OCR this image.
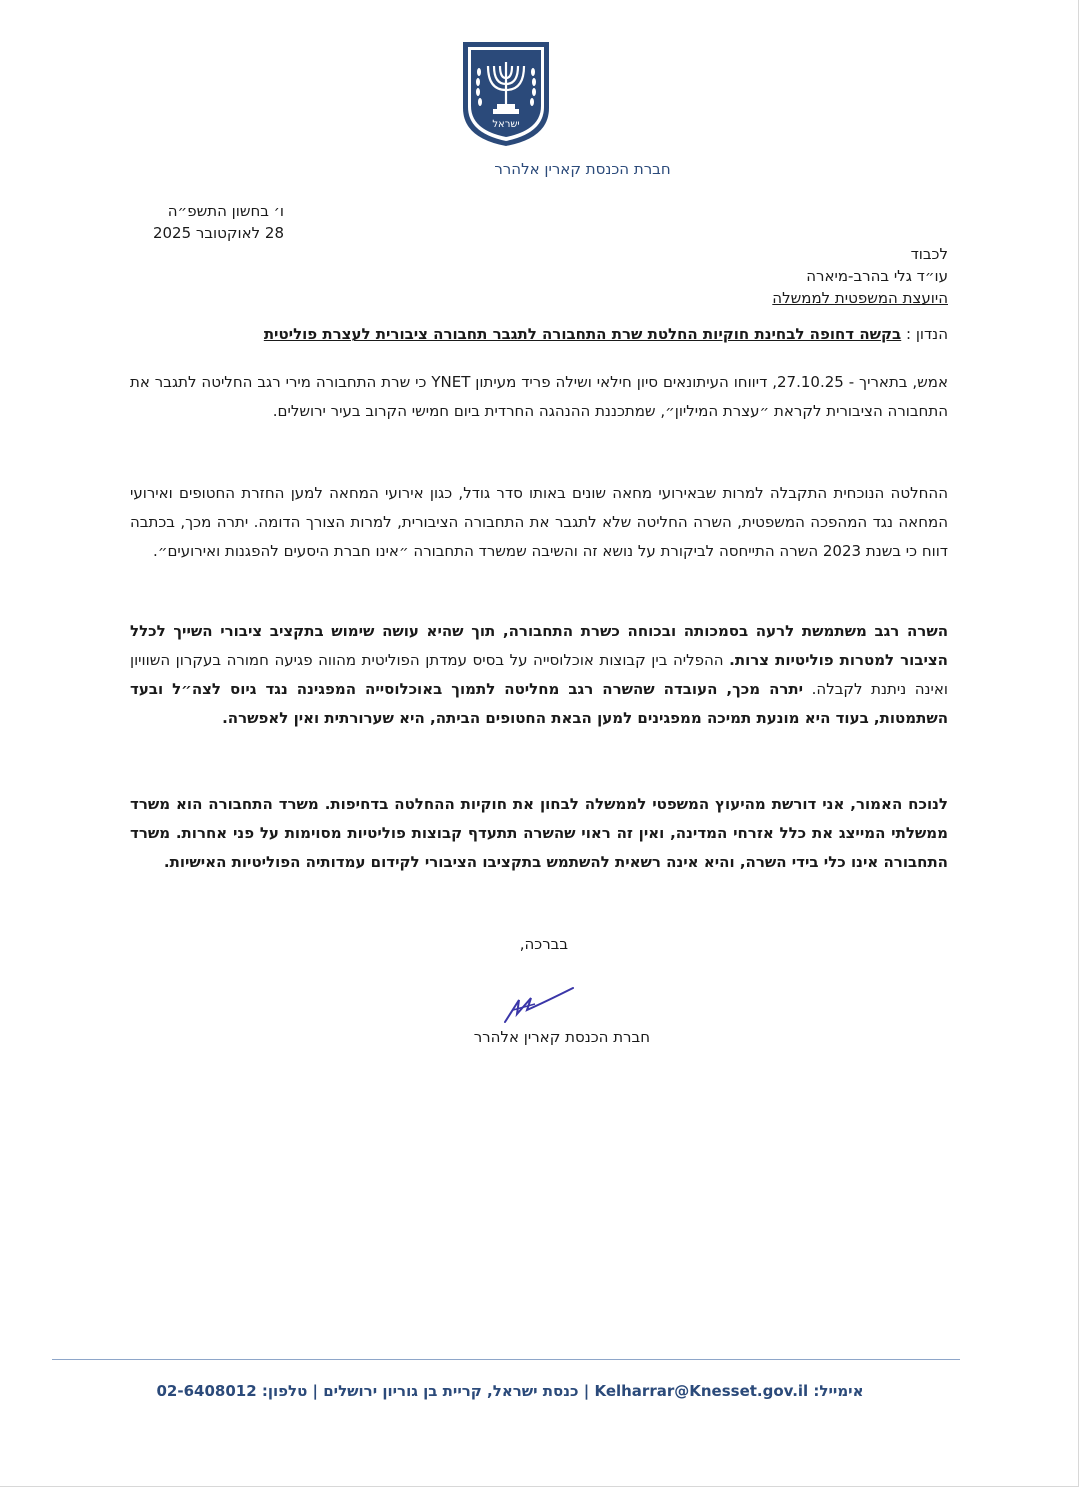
ישראל
חברת הכנסת קארין אלהרר
ו׳ בחשון התשפ״ה
28 לאוקטובר 2025
לכבוד
עו״ד גלי בהרב-מיארה
היועצת המשפטית לממשלה
הנדון : בקשה דחופה לבחינת חוקיות החלטת שרת התחבורה לתגבר תחבורה ציבורית לעצרת פוליטית
אמש, בתאריך - 27.10.25, דיווחו העיתונאים סיון חילאי ושילה פריד מעיתון YNET כי שרת התחבורה מירי רגב החליטה לתגבר את התחבורה הציבורית לקראת ״עצרת המיליון״, שמתכננת ההנהגה החרדית ביום חמישי הקרוב בעיר ירושלים.
ההחלטה הנוכחית התקבלה למרות שבאירועי מחאה שונים באותו סדר גודל, כגון אירועי המחאה למען החזרת החטופים ואירועי המחאה נגד המהפכה המשפטית, השרה החליטה שלא לתגבר את התחבורה הציבורית, למרות הצורך הדומה. יתרה מכך, בכתבה דווח כי בשנת 2023 השרה התייחסה לביקורת על נושא זה והשיבה שמשרד התחבורה ״אינו חברת היסעים להפגנות ואירועים״.
השרה רגב משתמשת לרעה בסמכותה ובכוחה כשרת התחבורה, תוך שהיא עושה שימוש בתקציב ציבורי השייך לכלל הציבור למטרות פוליטיות צרות. ההפליה בין קבוצות אוכלוסייה על בסיס עמדתן הפוליטית מהווה פגיעה חמורה בעקרון השוויון ואינה ניתנת לקבלה. יתרה מכך, העובדה שהשרה רגב מחליטה לתמוך באוכלוסייה המפגינה נגד גיוס לצה״ל ובעד השתמטות, בעוד היא מונעת תמיכה ממפגינים למען הבאת החטופים הביתה, היא שערורתית ואין לאפשרה.
לנוכח האמור, אני דורשת מהיעוץ המשפטי לממשלה לבחון את חוקיות ההחלטה בדחיפות. משרד התחבורה הוא משרד ממשלתי המייצג את כלל אזרחי המדינה, ואין זה ראוי שהשרה תתעדף קבוצות פוליטיות מסוימות על פני אחרות. משרד התחבורה אינו כלי בידי השרה, והיא אינה רשאית להשתמש בתקציבו הציבורי לקידום עמדותיה הפוליטיות האישיות.
בברכה,
חברת הכנסת קארין אלהרר
אימייל: Kelharrar@Knesset.gov.il | כנסת ישראל, קריית בן גוריון ירושלים | טלפון: 02-6408012
